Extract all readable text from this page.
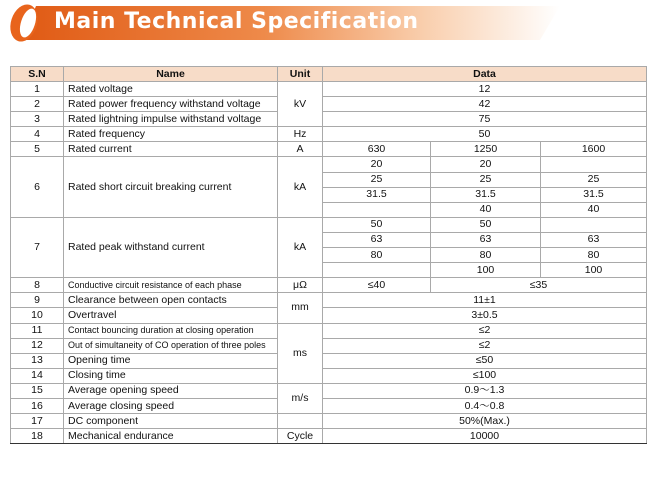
Main Technical Specification
S.N	Name	Unit	Data		
1	Rated voltage	kV	12		
2	Rated power frequency withstand voltage		42		
3	Rated lightning impulse withstand voltage		75		
4	Rated frequency	Hz	50		
5	Rated current	A	630	1250	1600
6	Rated short circuit breaking current	kA	20	20	
			25	25	25
			31.5	31.5	31.5
				40	40
7	Rated peak withstand current	kA	50	50	
			63	63	63
			80	80	80
				100	100
8	Conductive circuit resistance of each phase	μΩ	≤40	≤35	
9	Clearance between open contacts	mm	11±1		
10	Overtravel		3±0.5		
11	Contact bouncing duration at closing operation	ms	≤2		
12	Out of simultaneity of CO operation of three poles		≤2		
13	Opening time		≤50		
14	Closing time		≤100		
15	Average opening speed	m/s	0.9～1.3		
16	Average closing speed		0.4～0.8		
17	DC component		50%(Max.)		
18	Mechanical endurance	Cycle	10000		
